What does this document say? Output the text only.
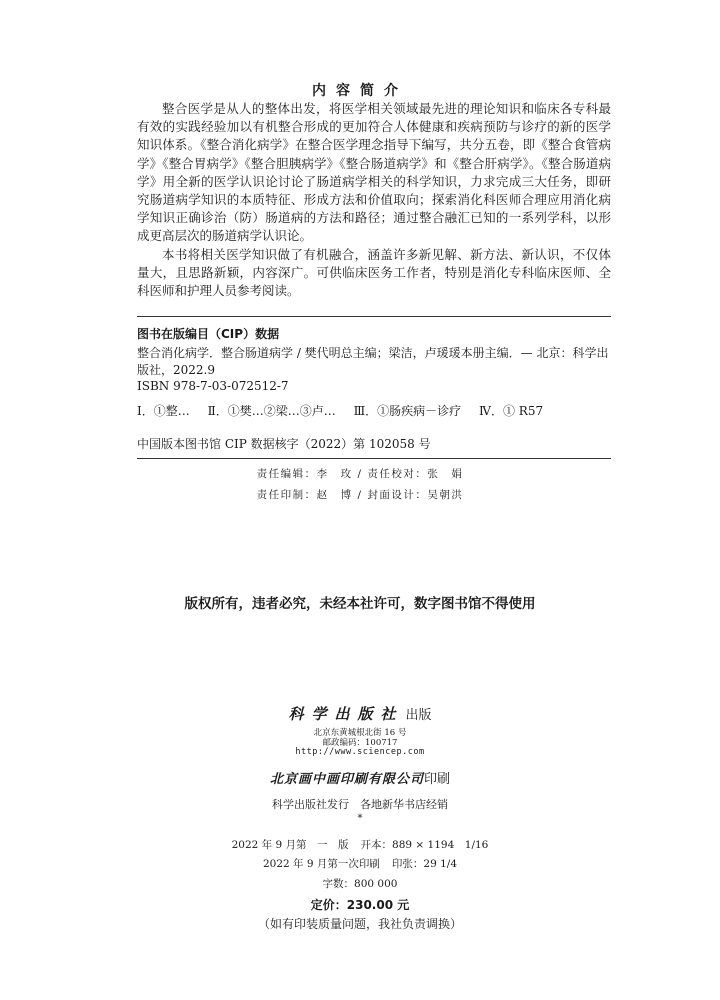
内容简介

整合医学是从人的整体出发，将医学相关领域最先进的理论知识和临床各专科最有效的实践经验加以有机整合形成的更加符合人体健康和疾病预防与诊疗的新的医学知识体系。《整合消化病学》在整合医学理念指导下编写，共分五卷，即《整合食管病学》《整合胃病学》《整合胆胰病学》《整合肠道病学》和《整合肝病学》。《整合肠道病学》用全新的医学认识论讨论了肠道病学相关的科学知识，力求完成三大任务，即研究肠道病学知识的本质特征、形成方法和价值取向；探索消化科医师合理应用消化病学知识正确诊治（防）肠道病的方法和路径；通过整合融汇已知的一系列学科，以形成更高层次的肠道病学认识论。

本书将相关医学知识做了有机融合，涵盖许多新见解、新方法、新认识，不仅体量大，且思路新颖，内容深广。可供临床医务工作者，特别是消化专科临床医师、全科医师和护理人员参考阅读。

图书在版编目（CIP）数据
整合消化病学．整合肠道病学 / 樊代明总主编；梁洁，卢瑗瑗本册主编．— 北京：科学出版社，2022.9
ISBN 978-7-03-072512-7
Ⅰ．①整… Ⅱ．①樊…②梁…③卢… Ⅲ．①肠疾病－诊疗 Ⅳ．① R57
中国版本图书馆 CIP 数据核字（2022）第 102058 号
责任编辑：李　玫 / 责任校对：张　娟
责任印制：赵　博 / 封面设计：吴朝洪
版权所有，违者必究，未经本社许可，数字图书馆不得使用
科学出版社 出版
北京东黄城根北街 16 号
邮政编码：100717
http://www.sciencep.com
北京画中画印刷有限公司印刷
科学出版社发行　各地新华书店经销
*
2022 年 9 月第　一　版 开本：889 × 1194　1/16
2022 年 9 月第一次印刷 印张：29 1/4
字数：800 000
定价：230.00 元
（如有印装质量问题，我社负责调换）
